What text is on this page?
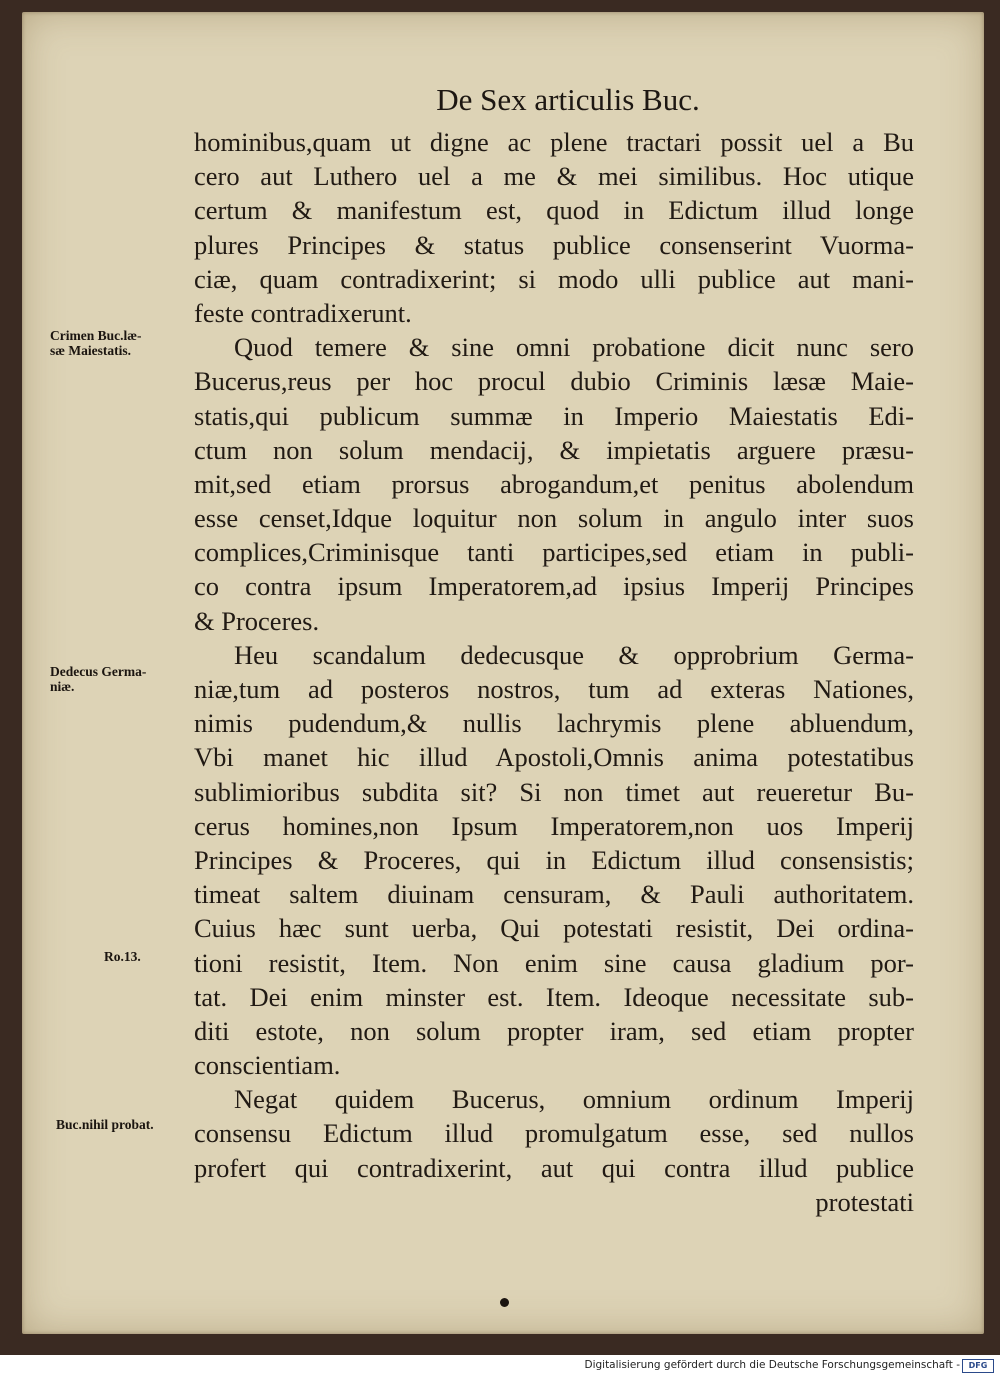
De Sex articulis Buc.
hominibus,quam ut digne ac plene tractari possit uel a Bu
cero aut Luthero uel a me & mei similibus. Hoc utique
certum & manifestum est, quod in Edictum illud longe
plures Principes & status publice consenserint Vuorma-
ciæ, quam contradixerint; si modo ulli publice aut mani-
feste contradixerunt.
Quod temere & sine omni probatione dicit nunc sero
Bucerus,reus per hoc procul dubio Criminis læsæ Maie-
statis,qui publicum summæ in Imperio Maiestatis Edi-
ctum non solum mendacij, & impietatis arguere præsu-
mit,sed etiam prorsus abrogandum,et penitus abolendum
esse censet,Idque loquitur non solum in angulo inter suos
complices,Criminisque tanti participes,sed etiam in publi-
co contra ipsum Imperatorem,ad ipsius Imperij Principes
& Proceres.
Heu scandalum dedecusque & opprobrium Germa-
niæ,tum ad posteros nostros, tum ad exteras Nationes,
nimis pudendum,& nullis lachrymis plene abluendum,
Vbi manet hic illud Apostoli,Omnis anima potestatibus
sublimioribus subdita sit? Si non timet aut reueretur Bu-
cerus homines,non Ipsum Imperatorem,non uos Imperij
Principes & Proceres, qui in Edictum illud consensistis;
timeat saltem diuinam censuram, & Pauli authoritatem.
Cuius hæc sunt uerba, Qui potestati resistit, Dei ordina-
tioni resistit, Item. Non enim sine causa gladium por-
tat. Dei enim minster est. Item. Ideoque necessitate sub-
diti estote, non solum propter iram, sed etiam propter
conscientiam.
Negat quidem Bucerus, omnium ordinum Imperij
consensu Edictum illud promulgatum esse, sed nullos
profert qui contradixerint, aut qui contra illud publice
protestati
Crimen Buc.læ-
sæ Maiestatis.
Dedecus Germa-
niæ.
Ro.13.
Buc.nihil probat.
Digitalisierung gefördert durch die Deutsche Forschungsgemeinschaft -	DFG
